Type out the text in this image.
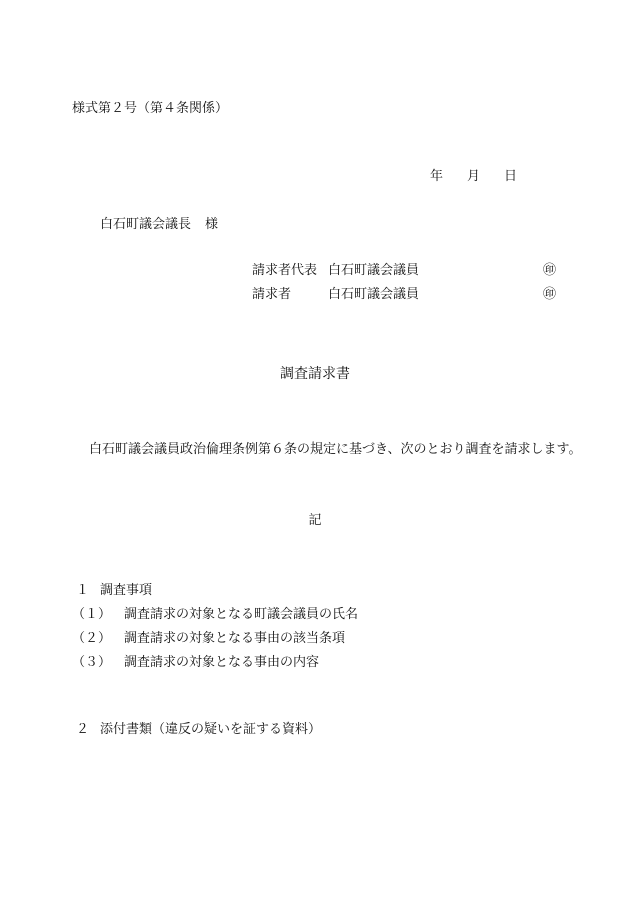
様式第２号（第４条関係）
年 月 日
白石町議会議長 様
請求者代表 白石町議会議員	㊞
請求者	白石町議会議員	㊞
調査請求書
白石町議会議員政治倫理条例第６条の規定に基づき、次のとおり調査を請求します。
記
１ 調査事項
（１） 調査請求の対象となる町議会議員の氏名
（２） 調査請求の対象となる事由の該当条項
（３） 調査請求の対象となる事由の内容
２ 添付書類（違反の疑いを証する資料）
